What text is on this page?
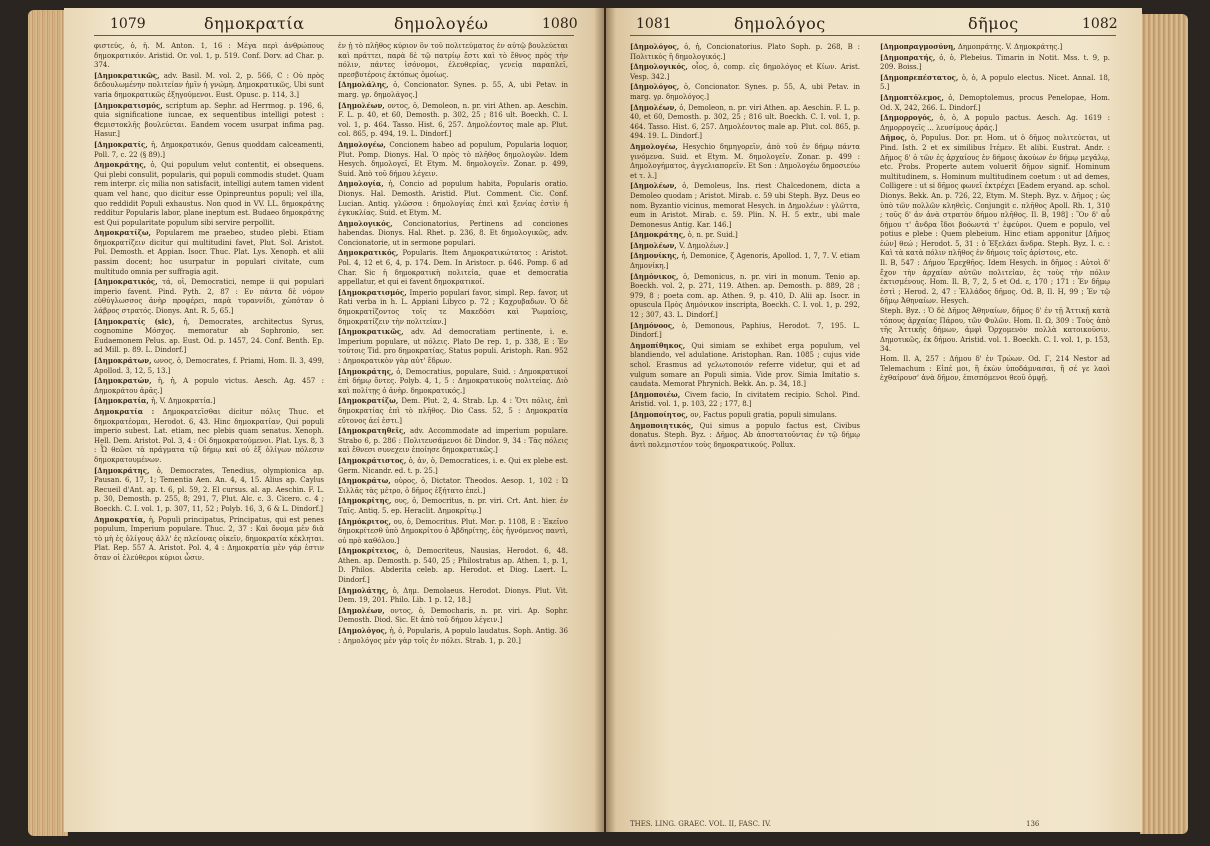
1079	δημοκρατία	δημολογέω	1080

φιστεύς, ὁ, ἡ. M. Anton. 1, 16 : Μέγα περὶ ἀνθρώπους δημοκρατικόν. Aristid. Or. vol. 1, p. 519. Conf. Dorv. ad Char. p. 374.

[Δημοκρατικῶς, adv. Basil. M. vol. 2, p. 566, C : Οὐ πρὸς δεδουλωμένην πολιτείαν ἡμῖν ἡ γνώμη. Δημοκρατικῶς, Ubi sunt varia δημοκρατικῶς ἐξηγούμενοι. Eust. Opusc. p. 114, 3.]

[Δημοκρατισμός, scriptum ap. Sephr. ad Herrmog. p. 196, 6, quia significatione iuncae, ex sequentibus intelligi potest : Θεμιστοκλῆς βουλεύεται. Eandem vocem usurpat infima pag. Hasur.]

[Δημοκρατίς, ἡ, Δημοκρατικόν, Genus quoddam calceamenti, Poll. 7, c. 22 (§ 89).]

Δημοκράτης, ὁ, Qui populum velut contentit, ei obsequens. Qui plebi consulit, popularis, qui populi commodis studet. Quam rem interpr. εἰς milia non satisfacit, intelligi autem tamen vident quam vel hanc, quo dicitur esse Opinpreuntus populi; vel illa, quo reddidit Populi exhaustus. Non quod in VV. LL. δημοκράτης redditur Popularis labor, plane ineptum est. Budaeo δημοκράτης est Qui popularitate populum sibi servire perpollit.

Δημοκρατίζω, Popularem me praebeo, studeo plebi. Etiam δημοκρατίζειν dicitur qui multitudini favet, Plut. Sol. Aristot. Pol. Demosth. et Appian. Isocr. Thuc. Plat. Lys. Xenoph. et alii passim docent; hoc usurpatur in populari civitate, cum multitudo omnia per suffragia agit.

[Δημοκρατικός, τά, οἱ, Democratici, nempe ii qui populari imperio favent. Pind. Pyth. 2, 87 : Εν πάντα δὲ νόμον εὐθύγλωσσος ἀνὴρ προφέρει, παρὰ τυραννίδι, χὡπόταν ὁ λάβρος στρατός. Dionys. Ant. R. 5, 65.]

[Δημοκρατίς (sic), ἡ, Democrates, architectus Syrus, cognomine Μόσχος. memoratur ab Sophronio, ser. Eudaemonem Pelus. ap. Eust. Od. p. 1457, 24. Conf. Benth. Ep. ad Mill. p. 89. L. Dindorf.]

[Δημοκράτων, ωνος, ὁ, Democrates, f. Priami, Hom. Il. 3, 499, Apollod. 3, 12, 5, 13.]

[Δημοκρατών, ἡ, ἡ, A populo victus. Aesch. Ag. 457 : Δημοκράτου ἀρᾶς.]

[Δημοκρατία, ἡ, V. Δημοκρατία.]

Δημοκρατία : Δημοκρατεῖσθαι dicitur πόλις Thuc. et δημοκρατέομαι, Herodot. 6, 43. Hinc δημοκρατίαν, Qui populi imperio subest. Lat. etiam, nec plebis quam senatus. Xenoph. Hell. Dem. Aristot. Pol. 3, 4 : Οἱ δημοκρατούμενοι. Plat. Lys. 8, 3 : Ὦ θεῶσι τὰ πράγματα τῷ δήμῳ καὶ οὐ ἐξ ὀλίγων πόλεσιν δημοκρατουμένων.

[Δημοκράτης, ὁ, Democrates, Tenedius, olympionica ap. Pausan. 6, 17, 1; Tementia Aen. An. 4, 4, 15. Alius ap. Caylus Recueil d'Ant. ap. t. 6, pl. 59, 2. El cursus. al. ap. Aeschin. F. L. p. 30, Demosth. p. 255, 8; 291, 7, Plut. Alc. c. 3. Cicero. c. 4 ; Boeckh. C. I. vol. 1, p. 307, 11, 52 ; Polyb. 16, 3, 6 & L. Dindorf.]

Δημοκρατία, ἡ, Populi principatus, Principatus, qui est penes populum, Imperium populare. Thuc. 2, 37 : Καὶ ὄνομα μὲν διὰ τὸ μὴ ἐς ὀλίγους ἀλλ' ἐς πλείονας οἰκεῖν, δημοκρατία κέκληται. Plat. Rep. 557 A. Aristot. Pol. 4, 4 : Δημοκρατία μὲν γάρ ἐστιν ὅταν οἱ ἐλεύθεροι κύριοι ὦσιν.

ἐν ᾗ τὸ πλῆθος κύριον ὂν τοῦ πολιτεύματος ἐν αὐτῷ βουλεύεται καὶ πράττει, παρὰ δὲ τῷ πατρίῳ ἔστι καὶ τὸ ἔθνος πρὸς τὴν πόλιν, πάντες ἰσόνομοι, ἐλευθερίας, γενείᾳ παραπλεῖ, πρεσβυτέροις ἐκτόπως ὁμοίως.

[Δημολάλης, ὁ, Concionator. Synes. p. 55, A, ubi Petav. in marg. γρ. δημολάγος.]

[Δημολέων, οντος, ὁ, Demoleon, n. pr. viri Athen. ap. Aeschin. F. L. p. 40, et 60, Demosth. p. 302, 25 ; 816 ult. Boeckh. C. I. vol. 1, p. 464. Tasso. Hist. 6, 257. Δημολέοντος male ap. Plut. col. 865, p. 494, 19. L. Dindorf.]

Δημολογέω, Concionem habeo ad populum, Popularia loquor, Plut. Pomp. Dionys. Hal. Ὁ πρὸς τὸ πλῆθος δημολογῶν. Idem Hesych. δημολογεῖ, Et Etym. M. δημολογεῖν. Zonar. p. 499, Suid. Ἀπὸ τοῦ δήμου λέγειν.

Δημολογία, ἡ, Concio ad populum habita, Popularis oratio. Dionys. Hal. Demosth. Aristid. Plut. Comment. Cic. Conf. Lucian. Antiq. γλῶσσα : δημολογίας ἐπεὶ καὶ ξενίας ἐστὶν ἡ ἐγκυκλίας. Suid. et Etym. M.

Δημολογικός, Concionatorius, Pertinens ad conciones habendas. Dionys. Hal. Rhet. p. 236, 8. Et δημολογικῶς, adv. Concionatorie, ut in sermone populari.

Δημοκρατικός, Popularis. Item Δημοκρατικώτατος : Aristot. Pol. 4, 12 et 6, 4, p. 174. Dem. In Aristocr. p. 646. Pomp. 6 ad Char. Sic ἡ δημοκρατικὴ πολιτεία, quae et democratia appellatur, et qui ei favent δημοκρατικοί.

[Δημοκρατισμός, Imperio populari favor, simpl. Rep. favor, ut Rati verba in h. L. Appiani Libyco p. 72 ; Καχρυβαδων. Ὁ δὲ δημοκρατίζοντος τοῖς τε Μακεδόσι καὶ Ῥωμαίοις, δημοκρατίζειν τὴν πολιτείαν.]

[Δημοκρατικῶς, adv. Ad democratiam pertinente, i. e. Imperium populare, ut πόλεις. Plato De rep. 1, p. 338, E : Ἐν τούτοις Tid. pro δημοκρατίας, Status populi. Aristoph. Ran. 952 : Δημοκρατικὸν γὰρ αὐτ' ἔδρων.

[Δημοκράτης, ὁ, Democratius, populare, Suid. : Δημοκρατικοί ἐπὶ δήμῳ ὄντες. Polyb. 4, 1, 5 : Δημοκρατικοὺς πολιτείας. Διὸ καὶ πολίτῃς ὁ ἀνὴρ. δημοκρατικός.]

[Δημοκρατίζω, Dem. Plut. 2, 4. Strab. Lp. 4 : Ὅτι πόλις, ἐπὶ δημοκρατίας ἐπὶ τὸ πλῆθος. Dio Cass. 52, 5 : Δημοκρατία εὔτονος ἀεί ἐστι.]

[Δημοκρατηθεῖς, adv. Accommodate ad imperium populare. Strabo 6, p. 286 : Πολιτευσάμενοι δὲ Dindor. 9, 34 : Τὰς πόλεις καὶ ἔθνεσι συνεχειν ἐποίησε δημοκρατικῶς.]

[Δημοκράτιστος, ὁ, ἀν, ὁ, Democratices, i. e. Qui ex plebe est. Germ. Nicandr. ed. t. p. 25.]

[Δημοκράτω, οὐρος, ὁ, Dictator. Theodos. Aesop. 1, 102 : Ὡ Σιλλᾶς τὰς μέτρο, ὁ δῆμος ἐξήτατο ἐπεὶ.]

[Δημοκρίτης, ους, ὁ, Democritus, n. pr. viri. Crt. Ant. hier. ἐν Ταῖς. Antiq. 5. ep. Heraclit. Δημοκρίτῳ.]

[Δημόκριτος, ου, ὁ, Democritus. Plut. Mor. p. 1108, E : Ἐκεῖνο δημοκρίτεσθ ὑπὸ Δημοκρίτου ὁ Ἀβδηρίτης, ἐὸς ἠγνόμενος παντὶ, οὐ πρὸ καθόλου.]

[Δημοκρίτειος, ὁ, Democriteus, Nausias, Herodot. 6, 48. Athen. ap. Demosth. p. 540, 25 ; Philostratus ap. Athen. 1, p. 1, D. Philos. Abderita celeb. ap. Herodot. et Diog. Laert. L. Dindorf.]

[Δημολάτης, ὁ, Δημ. Demolaeus. Herodot. Dionys. Plut. Vit. Dem. 19, 201. Philo. Lib. 1 p. 12, 18.]

[Δημολέων, οντος, ὁ, Democharis, n. pr. viri. Ap. Sophr. Demosth. Diod. Sic. Et ἀπὸ τοῦ δήμου λέγειν.]

[Δημολόγος, ἡ, ὁ, Popularis, A populo laudatus. Soph. Antig. 36 : Δημολόγος μὲν γὰρ τοῖς ἐν πόλει. Strab. 1, p. 20.]

1081	δημολόγος	δῆμος	1082

[Δημολόγος, ὁ, ἡ, Concionatorius. Plato Soph. p. 268, B : Πολιτικὸς ἢ δημολογικός.]

[Δημολογικός, οἷος, ὁ, comp. εἰς δημολόγος et Kίων. Arist. Vesp. 342.]

[Δημολόγος, ὁ, Concionator. Synes. p. 55, A, ubi Petav. in marg. γρ. δημολόγος.]

[Δημολέων, ὁ, Demoleon, n. pr. viri Athen. ap. Aeschin. F. L. p. 40, et 60, Demosth. p. 302, 25 ; 816 ult. Boeckh. C. I. vol. 1, p. 464. Tasso. Hist. 6, 257. Δημολέοντος male ap. Plut. col. 865, p. 494. 19. L. Dindorf.]

Δημολογέω, Hesychio δημηγορεῖν, ἀπὸ τοῦ ἐν δήμῳ πάντα γινόμενα. Suid. et Etym. M. δημολογεῖν. Zonar. p. 499 : Δημολογήματος, ἀγγελιαπορεῖν. Et Son : Δημολογέω δημοσιεύω et τ. λ.]

[Δημολέων, ὁ, Demoleus, Ins. riest Chalcedonem, dicta a Demoleo quodam ; Aristot. Mirab. c. 59 ubi Steph. Byz. Deus eo nom. Byzantio vicinus, memorat Hesych. in Δημολέων : γλῶττα, eum in Aristot. Mirab. c. 59. Plin. N. H. 5 extr., ubi male Demonesus Antig. Kar. 146.]

[Δημοκράτης, ὁ, n. pr. Suid.]

[Δημολέων, V. Δημολέων.]

[Δημονίκης, ἡ, Demonice, ζ Agenoris, Apollod. 1, 7, 7. V. etiam Δημονίκη.]

[Δημόνικος, ὁ, Demonicus, n. pr. viri in monum. Tenio ap. Boeckh. vol. 2, p. 271, 119. Athen. ap. Demosth. p. 889, 28 ; 979, 8 ; poeta com. ap. Athen. 9, p. 410, D. Alii ap. Isocr. in opuscula Πρὸς Δημόνικον inscripta, Boeckh. C. I. vol. 1, p. 292, 12 ; 307, 43. L. Dindorf.]

[Δημόνοος, ὁ, Demonous, Paphius, Herodot. 7, 195. L. Dindorf.]

Δημοπίθηκος, Qui simiam se exhibet erga populum, vel blandiendo, vel adulatione. Aristophan. Ran. 1085 ; cujus vide schol. Erasmus ad γελωτοποιόν referre videtur, qui et ad vulgum somare an Populi simia. Vide prov. Simia Imitatio s. caudata. Memorat Phrynich. Bekk. An. p. 34, 18.]

[Δημοποιέω, Civem facio, In civitatem recipio. Schol. Pind. Aristid. vol. 1, p. 103, 22 ; 177, 8.]

[Δημοποίητος, ον, Factus populi gratia, populi simulans.

Δημοποιητικός, Qui simus a populo factus est, Civibus donatus. Steph. Byz. : Δῆμος. Ab ἀποστατοῦντας ἐν τῷ δήμῳ ἀντὶ πολεμιστέον τοὺς δημοκρατικούς. Pollux.

[Δημοπραγμοσύνη, Δημοπράτης. V. Δημοκράτης.]

[Δημοπρατής, ὁ, ὁ, Plebeius. Timarin in Notit. Mss. t. 9, p. 209. Boiss.]

[Δημοπρεπέστατος, ὁ, ὁ, A populo electus. Nicet. Annal. 18, 5.]

[Δημοπτόλεμος, ὁ, Demoptolemus, procus Penelopae, Hom. Od. X, 242, 266. L. Dindorf.]

[Δημορρογός, ὁ, ὁ, A populo pactus. Aesch. Ag. 1619 : Δημορρογεῖς ... λευσίμους ἀράς.]

Δῆμος, ὁ, Populus. Dor. pr. Hom. ut ὁ δῆμος πολιτεύεται, ut Pind. Isth. 2 et ex similibus Ιτέμεν. Et alibi. Eustrat. Andr. : Δῆμος δ' ὁ τῶν ἐς ἀρχαίους ἐν δήμοις ἀκούων ἐν δήμῳ μεγάλῳ, etc. Probs. Properte autem voluerit δῆμον signif. Hominum multitudinem, s. Hominum multitudinem coetum : ut ad demes, Colligere : ut si δῆμος φωνεῖ ἐκτρέχει [Eadem eryand. ap. schol. Dionys. Bekk. An. p. 726, 22, Etym. M. Steph. Byz. v. Δῆμος ; ὡς ὑπὸ τῶν πολλῶν κληθεὶς. Conjungit c. πλῆθος Apoll. Rh. 1, 310 ; τοῦς δ' ἀν ἀνὰ στρατὸν δήμου πλῆθος. Il. B, 198] : Ὃν δ' αὖ δήμου τ' ἄνδρα ἴδοι βοόωντά τ' ἐφεύροι. Quem e populo, vel potius e plebe : Quem plebeium. Hinc etiam apponitur [Δῆμος ἐών] θεώ ; Herodot. 5, 31 : ὁ Ἐξελάει ἄνδρα. Steph. Byz. I. c. : Καὶ τὰ κατὰ πόλιν πλῆθος ἐν δήμοις τοῖς ἀρίστοις, etc.

Il. B, 547 : Δήμου Ἐρεχθῆος. Idem Hesych. in δῆμος : Αὐτοὶ δ' ἔχον τὴν ἀρχαίαν αὐτῶν πολιτείαν, ἐς τοὺς τὴν πόλιν ἐκτισμένους. Hom. Il. B, 7, 2, 5 et Od. ε, 170 ; 171 : Ἐν δῆμῳ ἐστὶ ; Herod. 2, 47 : Ἑλλάδος δῆμος. Od. B, Il. Η, 99 ; Ἐν τῷ δῆμῳ Ἀθηναίων. Hesych.

Steph. Byz. : Ὁ δὲ Δῆμος Ἀθηναίων, δῆμος δ' ἐν τῇ Ἀττικῇ κατὰ τόπους ἀρχαίας Πάρου, τῶν Φυλῶν. Hom. Il. Ω, 309 : Τοὺς ἀπὸ τῆς Ἀττικῆς δήμων, ἀμφὶ Ὀρχομενὸν πολλὰ κατοικοῦσιν. Δημοτικῶς, ἐκ δήμου. Aristid. vol. 1. Boeckh. C. I. vol. 1, p. 153, 34.

Hom. Il. A, 257 : Δήμου δ' ἐν Τρώων. Od. Γ, 214 Nestor ad Telemachum : Εἰπέ μοι, ἢ ἑκὼν ὑποδάμνασαι, ἤ σέ γε λαοὶ ἐχθαίρουσ' ἀνὰ δῆμον, ἐπισπόμενοι θεοῦ ὀμφῇ.

THES. LING. GRAEC. VOL. II, FASC. IV.	136
